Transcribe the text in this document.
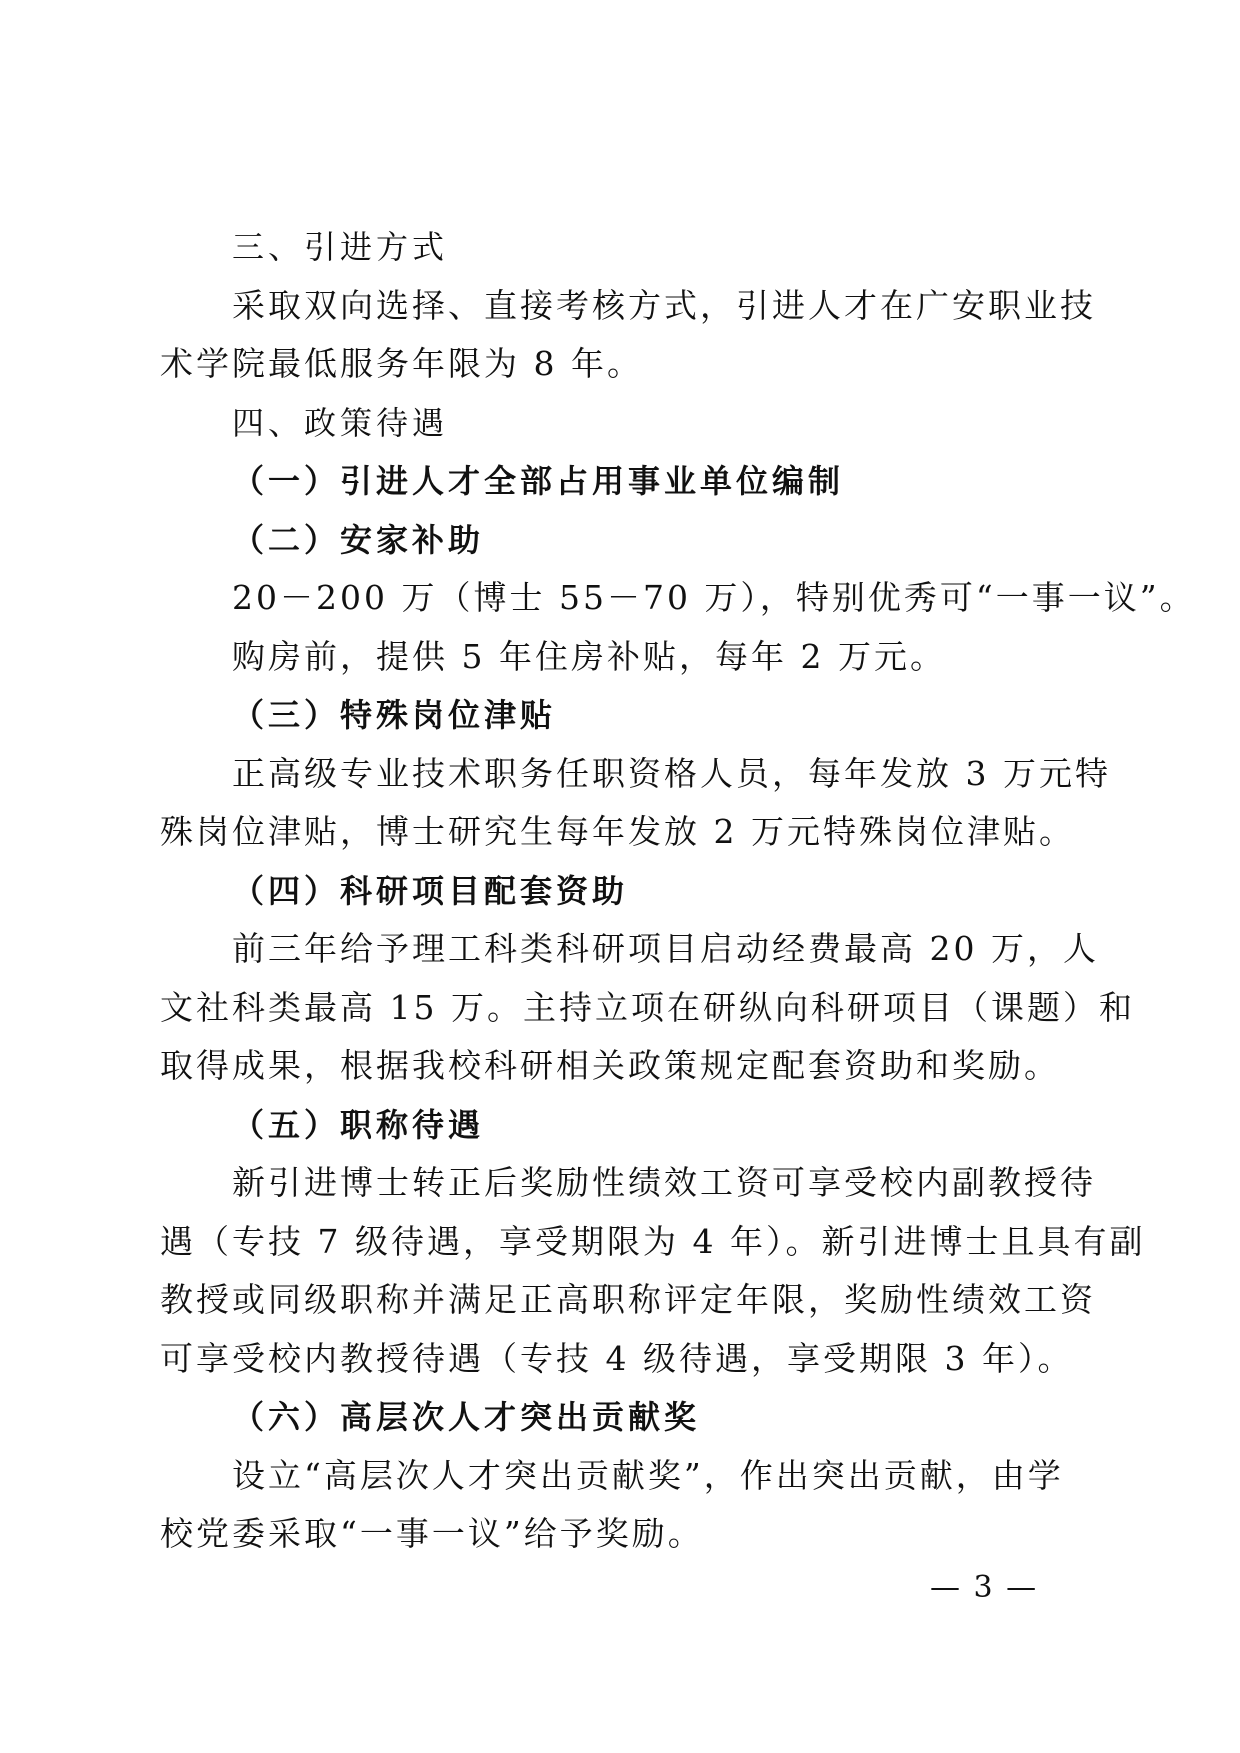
三、引进方式
采取双向选择、直接考核方式，引进人才在广安职业技
术学院最低服务年限为 8 年。
四、政策待遇
（一）引进人才全部占用事业单位编制
（二）安家补助
20－200 万（博士 55－70 万），特别优秀可“一事一议”。
购房前，提供 5 年住房补贴，每年 2 万元。
（三）特殊岗位津贴
正高级专业技术职务任职资格人员，每年发放 3 万元特
殊岗位津贴，博士研究生每年发放 2 万元特殊岗位津贴。
（四）科研项目配套资助
前三年给予理工科类科研项目启动经费最高 20 万，人
文社科类最高 15 万。主持立项在研纵向科研项目（课题）和
取得成果，根据我校科研相关政策规定配套资助和奖励。
（五）职称待遇
新引进博士转正后奖励性绩效工资可享受校内副教授待
遇（专技 7 级待遇，享受期限为 4 年）。新引进博士且具有副
教授或同级职称并满足正高职称评定年限，奖励性绩效工资
可享受校内教授待遇（专技 4 级待遇，享受期限 3 年）。
（六）高层次人才突出贡献奖
设立“高层次人才突出贡献奖”，作出突出贡献，由学
校党委采取“一事一议”给予奖励。
— 3 —
